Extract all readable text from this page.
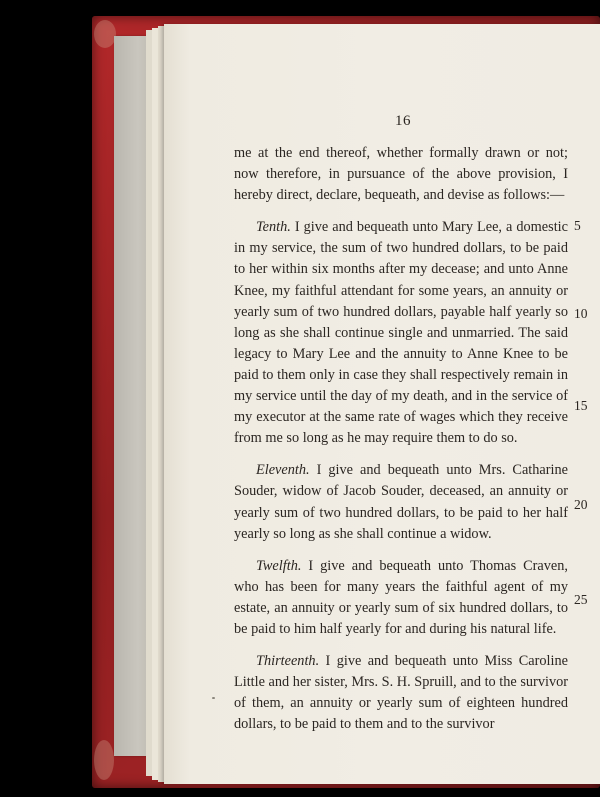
16

me at the end thereof, whether formally drawn or not; now therefore, in pursuance of the above provision, I hereby direct, declare, bequeath, and devise as follows:—

Tenth. I give and bequeath unto Mary Lee, a domestic in my service, the sum of two hundred dollars, to be paid to her within six months after my decease; and unto Anne Knee, my faithful attendant for some years, an annuity or yearly sum of two hundred dollars, payable half yearly so long as she shall continue single and unmarried. The said legacy to Mary Lee and the annuity to Anne Knee to be paid to them only in case they shall respectively remain in my service until the day of my death, and in the service of my executor at the same rate of wages which they receive from me so long as he may require them to do so.

Eleventh. I give and bequeath unto Mrs. Catharine Souder, widow of Jacob Souder, deceased, an annuity or yearly sum of two hundred dollars, to be paid to her half yearly so long as she shall continue a widow.

Twelfth. I give and bequeath unto Thomas Craven, who has been for many years the faithful agent of my estate, an annuity or yearly sum of six hundred dollars, to be paid to him half yearly for and during his natural life.

Thirteenth. I give and bequeath unto Miss Caroline Little and her sister, Mrs. S. H. Spruill, and to the survivor of them, an annuity or yearly sum of eighteen hundred dollars, to be paid to them and to the survivor

5
10
15
20
25
